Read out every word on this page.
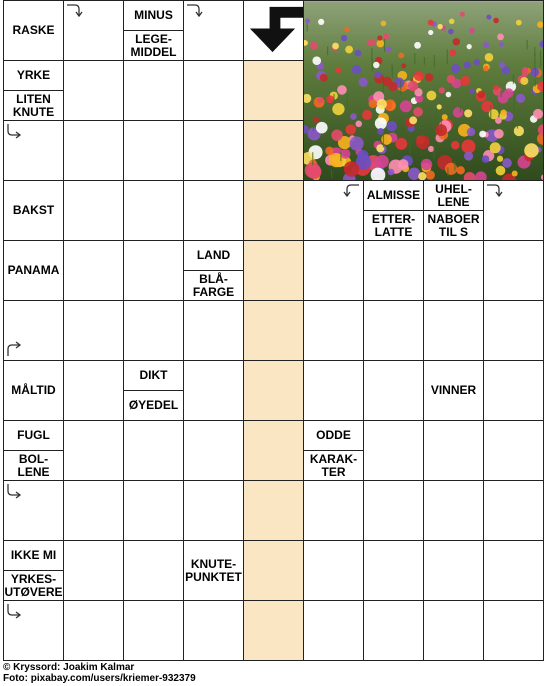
RASKE
MINUS
LEGE-
MIDDEL
YRKE
LITEN
KNUTE
BAKST
ALMISSE
ETTER-
LATTE
UHEL-
LENE
NABOER
TIL S
PANAMA
LAND
BLÅ-
FARGE
MÅLTID
DIKT
ØYEDEL
VINNER
FUGL
BOL-
LENE
ODDE
KARAK-
TER
IKKE MI
YRKES-
UTØVERE
KNUTE-
PUNKTET
© Kryssord: Joakim Kalmar
Foto: pixabay.com/users/kriemer-932379
